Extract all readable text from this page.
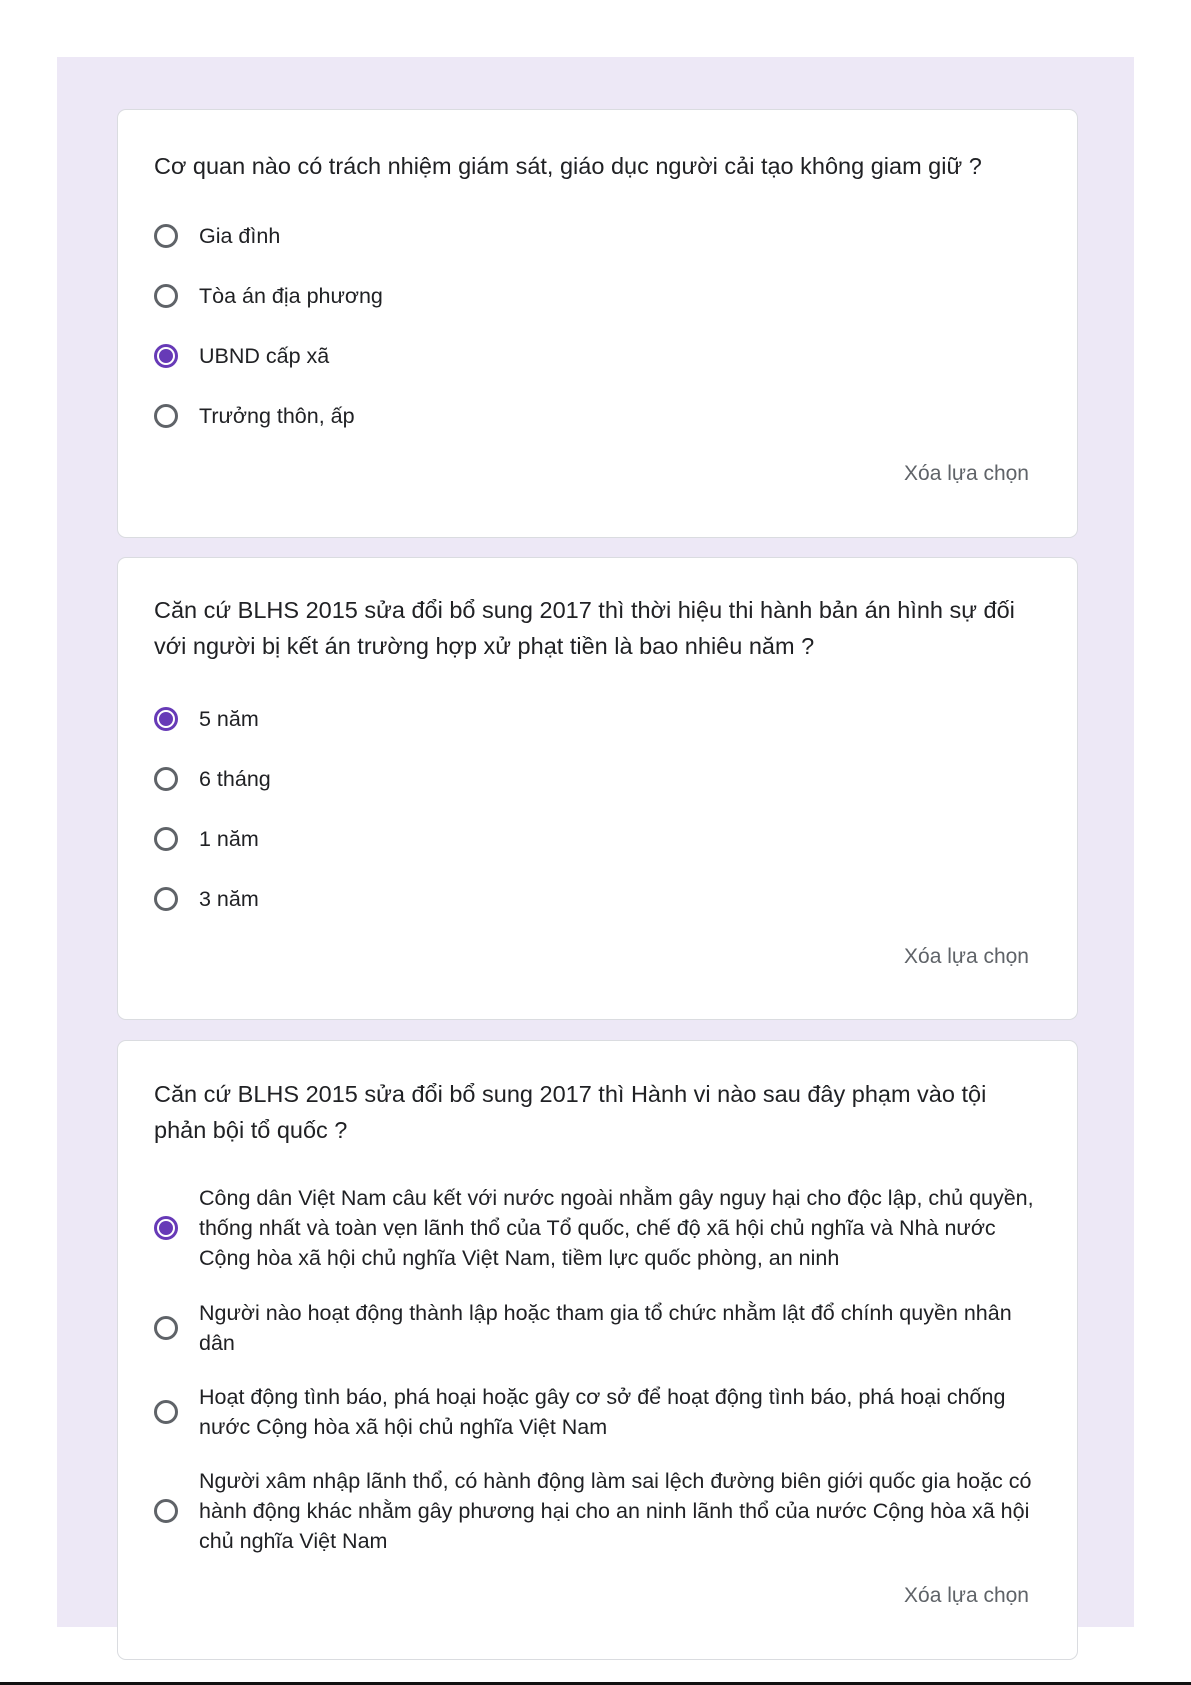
Cơ quan nào có trách nhiệm giám sát, giáo dục người cải tạo không giam giữ ?
Gia đình
Tòa án địa phương
UBND cấp xã
Trưởng thôn, ấp
Xóa lựa chọn
Căn cứ BLHS 2015 sửa đổi bổ sung 2017 thì thời hiệu thi hành bản án hình sự đối với người bị kết án trường hợp xử phạt tiền là bao nhiêu năm ?
5 năm
6 tháng
1 năm
3 năm
Xóa lựa chọn
Căn cứ BLHS 2015 sửa đổi bổ sung 2017 thì Hành vi nào sau đây phạm vào tội phản bội tổ quốc ?
Công dân Việt Nam câu kết với nước ngoài nhằm gây nguy hại cho độc lập, chủ quyền, thống nhất và toàn vẹn lãnh thổ của Tổ quốc, chế độ xã hội chủ nghĩa và Nhà nước Cộng hòa xã hội chủ nghĩa Việt Nam, tiềm lực quốc phòng, an ninh
Người nào hoạt động thành lập hoặc tham gia tổ chức nhằm lật đổ chính quyền nhân dân
Hoạt động tình báo, phá hoại hoặc gây cơ sở để hoạt động tình báo, phá hoại chống nước Cộng hòa xã hội chủ nghĩa Việt Nam
Người xâm nhập lãnh thổ, có hành động làm sai lệch đường biên giới quốc gia hoặc có hành động khác nhằm gây phương hại cho an ninh lãnh thổ của nước Cộng hòa xã hội chủ nghĩa Việt Nam
Xóa lựa chọn
